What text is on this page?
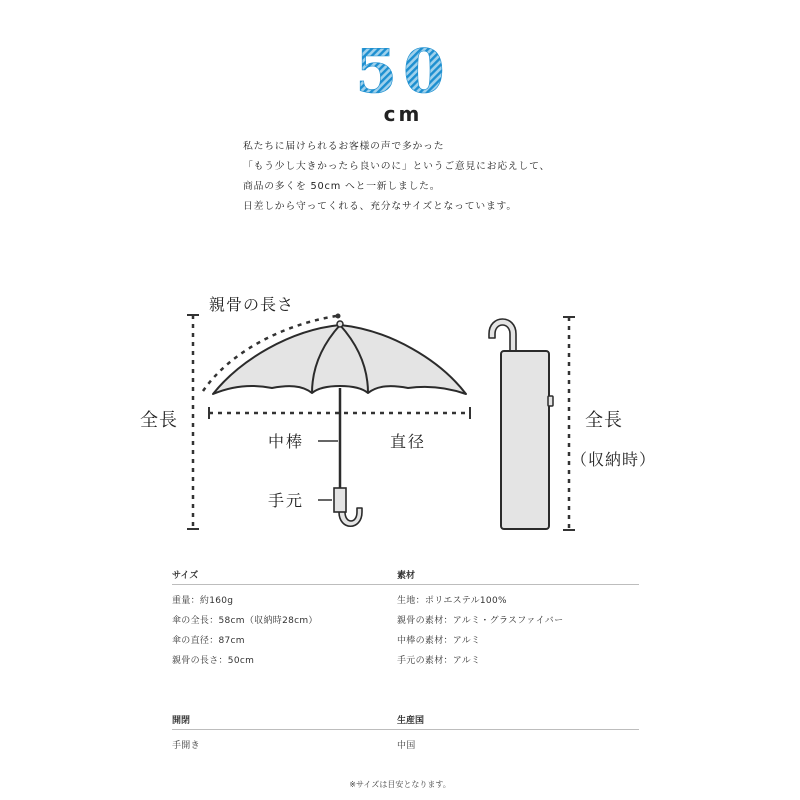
50
cm
私たちに届けられるお客様の声で多かった
「もう少し大きかったら良いのに」というご意見にお応えして、
商品の多くを 50cm へと一新しました。
日差しから守ってくれる、充分なサイズとなっています。
親骨の長さ
全長
中棒	直径
手元
全長
（収納時）
サイズ
重量：約160g
傘の全長：58cm（収納時28cm）
傘の直径：87cm
親骨の長さ：50cm
素材
生地：ポリエステル100%
親骨の素材：アルミ・グラスファイバー
中棒の素材：アルミ
手元の素材：アルミ
開閉
手開き
生産国
中国
※サイズは目安となります。
